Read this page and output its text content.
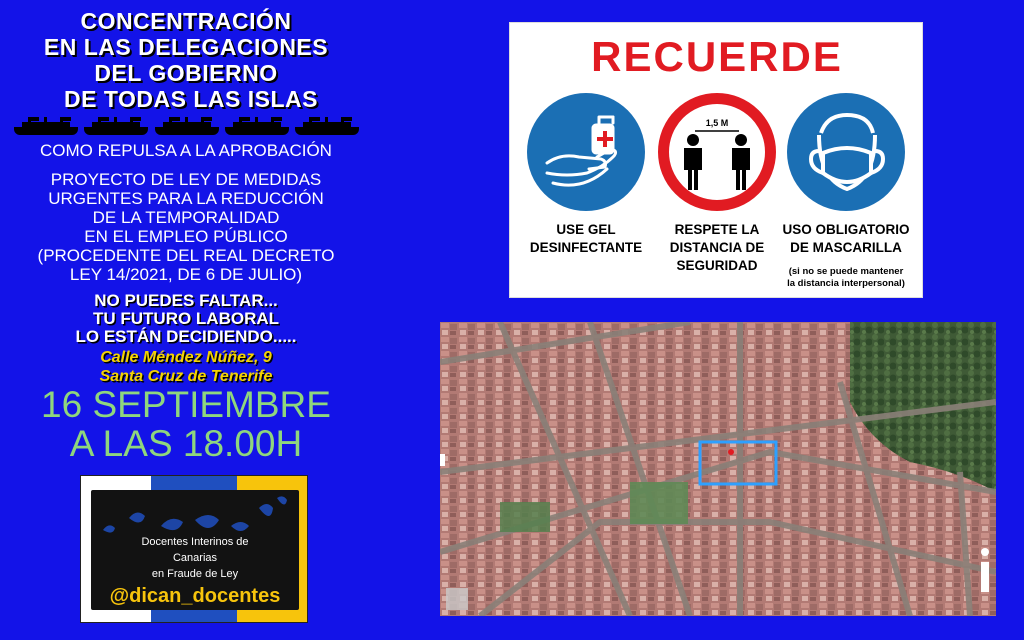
CONCENTRACIÓN
EN LAS DELEGACIONES
DEL GOBIERNO
DE TODAS LAS ISLAS
COMO REPULSA A LA APROBACIÓN
PROYECTO DE LEY DE MEDIDAS
URGENTES PARA LA REDUCCIÓN
DE LA TEMPORALIDAD
EN EL EMPLEO PÚBLICO
(PROCEDENTE DEL REAL DECRETO
LEY 14/2021, DE 6 DE JULIO)
NO PUEDES FALTAR...
TU FUTURO LABORAL
LO ESTÁN DECIDIENDO.....
Calle Méndez Núñez, 9
Santa Cruz de Tenerife
16 SEPTIEMBRE
A LAS 18.00H
Docentes Interinos de
Canarias
en Fraude de Ley
@dican_docentes
RECUERDE
1,5 M
USE GEL
DESINFECTANTE
RESPETE LA
DISTANCIA DE
SEGURIDAD
USO OBLIGATORIO
DE MASCARILLA
(si no se puede mantener
la distancia interpersonal)
